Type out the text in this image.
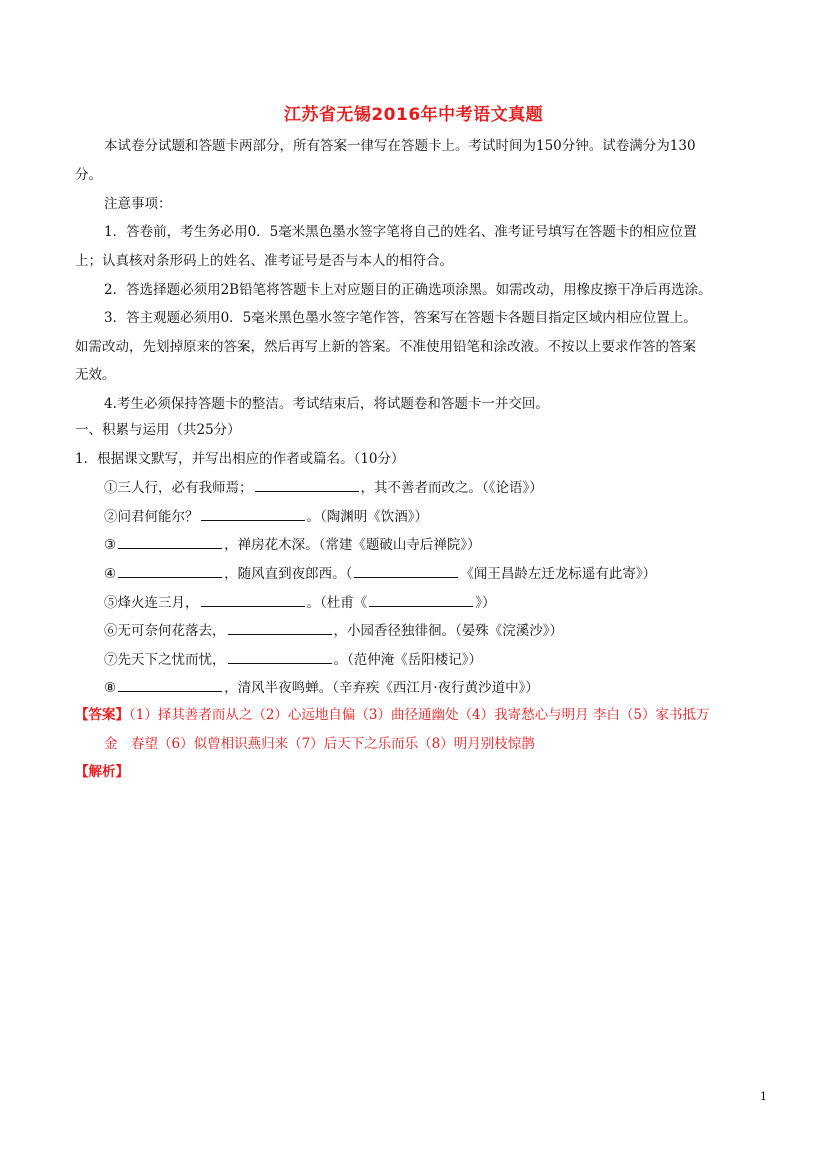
江苏省无锡2016年中考语文真题
本试卷分试题和答题卡两部分，所有答案一律写在答题卡上。考试时间为150分钟。试卷满分为130
分。
注意事项：
1．答卷前，考生务必用0．5毫米黑色墨水签字笔将自己的姓名、准考证号填写在答题卡的相应位置
上；认真核对条形码上的姓名、准考证号是否与本人的相符合。
2．答选择题必须用2B铅笔将答题卡上对应题目的正确选项涂黑。如需改动，用橡皮擦干净后再选涂。
3．答主观题必须用0．5毫米黑色墨水签字笔作答，答案写在答题卡各题目指定区域内相应位置上。
如需改动，先划掉原来的答案，然后再写上新的答案。不准使用铅笔和涂改液。不按以上要求作答的答案
无效。
4.考生必须保持答题卡的整洁。考试结束后，将试题卷和答题卡一并交回。
一、积累与运用（共25分）
1．根据课文默写，并写出相应的作者或篇名。（10分）
①三人行，必有我师焉；	，其不善者而改之。（《论语》）
②问君何能尔？	。（陶渊明《饮酒》）
③	，禅房花木深。（常建《题破山寺后禅院》）
④	，随风直到夜郎西。（	《闻王昌龄左迁龙标遥有此寄》）
⑤烽火连三月，	。（杜甫《	》）
⑥无可奈何花落去，	，小园香径独徘徊。（晏殊《浣溪沙》）
⑦先天下之忧而忧，	。（范仲淹《岳阳楼记》）
⑧	，清风半夜鸣蝉。（辛弃疾《西江月·夜行黄沙道中》）
【答案】（1）择其善者而从之（2）心远地自偏（3）曲径通幽处（4）我寄愁心与明月 李白（5）家书抵万
金　春望（6）似曾相识燕归来（7）后天下之乐而乐（8）明月别枝惊鹊
【解析】
1
